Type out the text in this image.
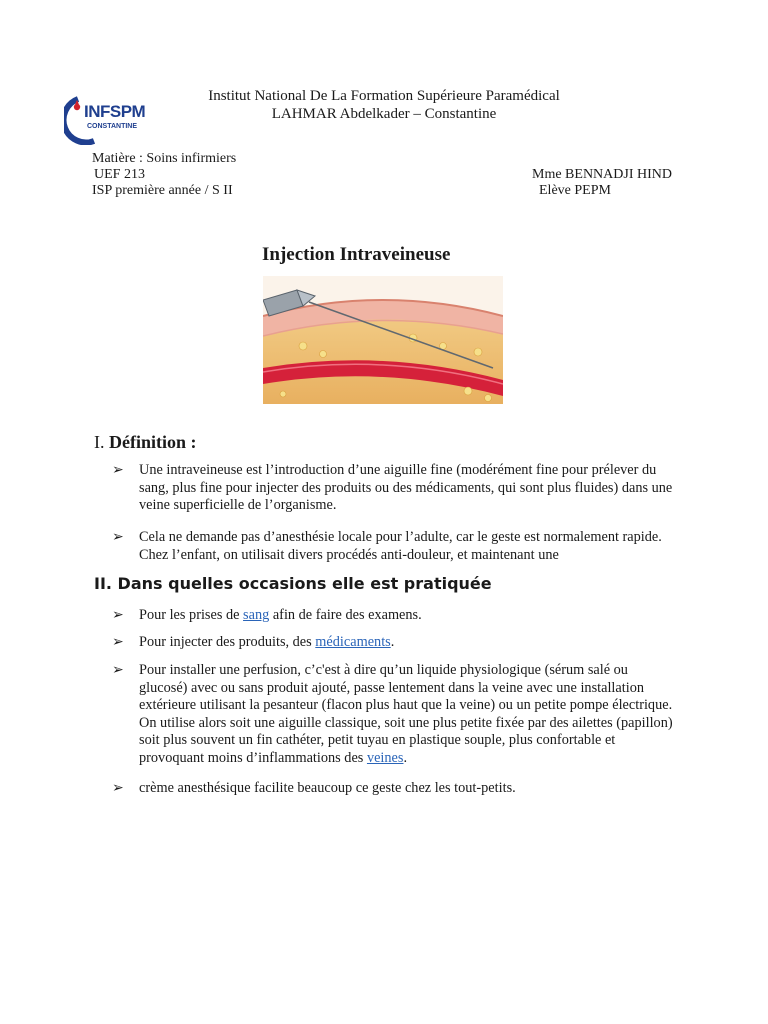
INFSPM
CONSTANTINE
Institut National De La Formation Supérieure Paramédical
LAHMAR Abdelkader – Constantine
Matière : Soins infirmiers
UEF 213
ISP première année / S II
Mme BENNADJI HIND
Elève PEPM
Injection Intraveineuse
I. Définition :
➢ Une intraveineuse est l’introduction d’une aiguille fine (modérément fine pour prélever du sang, plus fine pour injecter des produits ou des médicaments, qui sont plus fluides) dans une veine superficielle de l’organisme.
➢ Cela ne demande pas d’anesthésie locale pour l’adulte, car le geste est normalement rapide. Chez l’enfant, on utilisait divers procédés anti-douleur, et maintenant une
II. Dans quelles occasions elle est pratiquée
➢ Pour les prises de sang afin de faire des examens.
➢ Pour injecter des produits, des médicaments.
➢ Pour installer une perfusion, c’c'est à dire qu’un liquide physiologique (sérum salé ou glucosé) avec ou sans produit ajouté, passe lentement dans la veine avec une installation extérieure utilisant la pesanteur (flacon plus haut que la veine) ou un petite pompe électrique. On utilise alors soit une aiguille classique, soit une plus petite fixée par des ailettes (papillon) soit plus souvent un fin cathéter, petit tuyau en plastique souple, plus confortable et provoquant moins d’inflammations des veines.
➢ crème anesthésique facilite beaucoup ce geste chez les tout-petits.
